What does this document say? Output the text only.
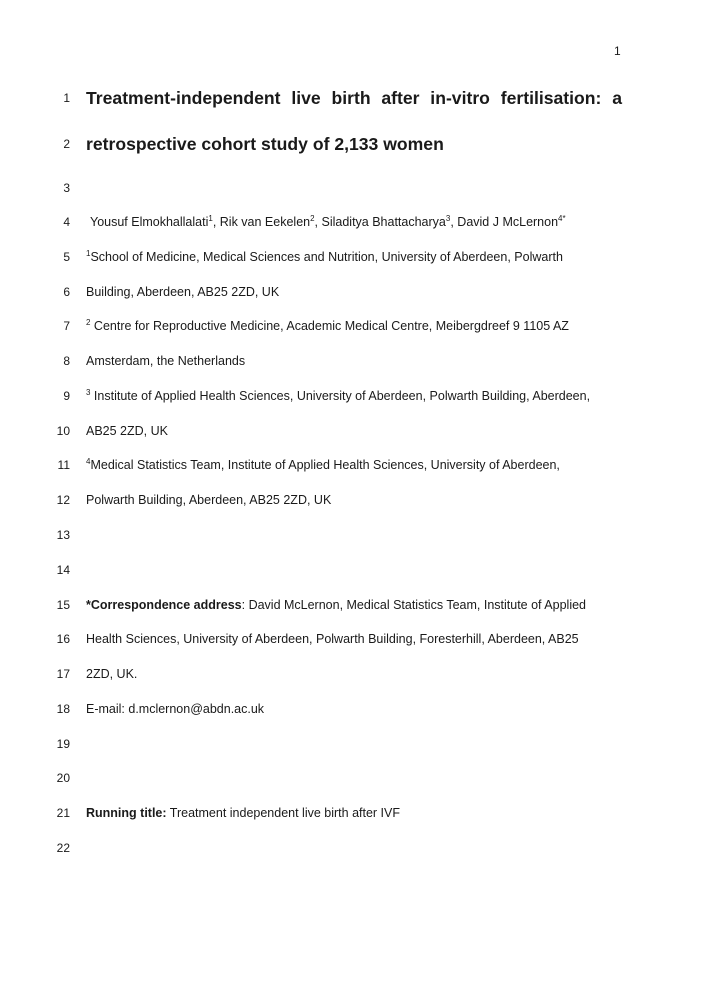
1
1 Treatment-independent live birth after in-vitro fertilisation: a
2 retrospective cohort study of 2,133 women
3
4 Yousuf Elmokhallalati$^1$, Rik van Eekelen$^2$, Siladitya Bhattacharya$^3$, David J McLernon$^{4*}$
5 $^1$School of Medicine, Medical Sciences and Nutrition, University of Aberdeen, Polwarth
6 Building, Aberdeen, AB25 2ZD, UK
7 $^2$ Centre for Reproductive Medicine, Academic Medical Centre, Meibergdreef 9 1105 AZ
8 Amsterdam, the Netherlands
9 $^3$ Institute of Applied Health Sciences, University of Aberdeen, Polwarth Building, Aberdeen,
10 AB25 2ZD, UK
11 $^4$Medical Statistics Team, Institute of Applied Health Sciences, University of Aberdeen,
12 Polwarth Building, Aberdeen, AB25 2ZD, UK
13
14
15 *Correspondence address: David McLernon, Medical Statistics Team, Institute of Applied
16 Health Sciences, University of Aberdeen, Polwarth Building, Foresterhill, Aberdeen, AB25
17 2ZD, UK.
18 E-mail: d.mclernon@abdn.ac.uk
19
20
21 Running title: Treatment independent live birth after IVF
22
